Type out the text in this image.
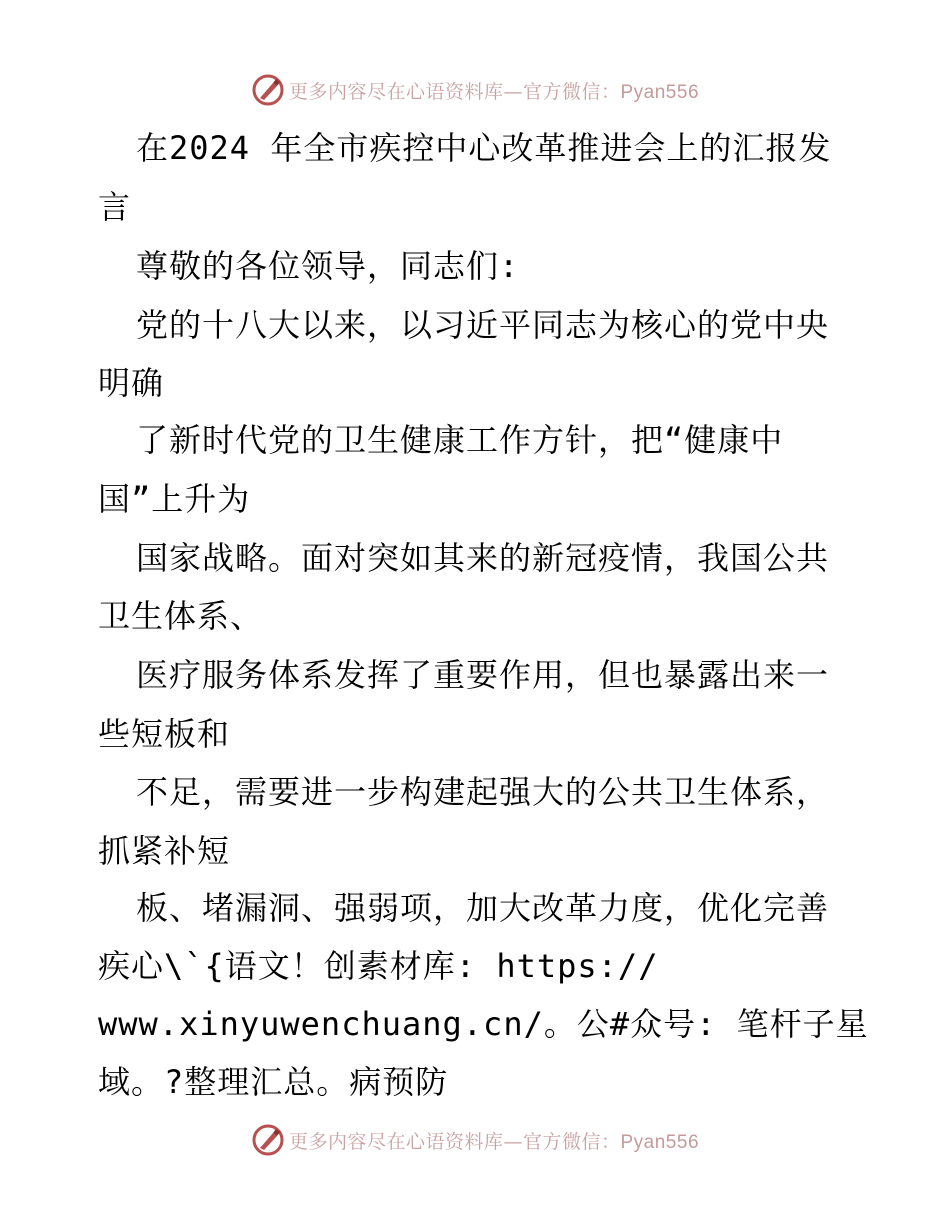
更多内容尽在心语资料库—官方微信：Pyan556
在2024 年全市疾控中心改革推进会上的汇报发
言
尊敬的各位领导，同志们:
党的十八大以来，以习近平同志为核心的党中央
明确
了新时代党的卫生健康工作方针，把“健康中
国”上升为
国家战略。面对突如其来的新冠疫情，我国公共
卫生体系、
医疗服务体系发挥了重要作用，但也暴露出来一
些短板和
不足，需要进一步构建起强大的公共卫生体系，
抓紧补短
板、堵漏洞、强弱项，加大改革力度，优化完善
疾心\`{语文！创素材库: https://
www.xinyuwenchuang.cn/。公#众号: 笔杆子星
域。?整理汇总。病预防
更多内容尽在心语资料库—官方微信：Pyan556
